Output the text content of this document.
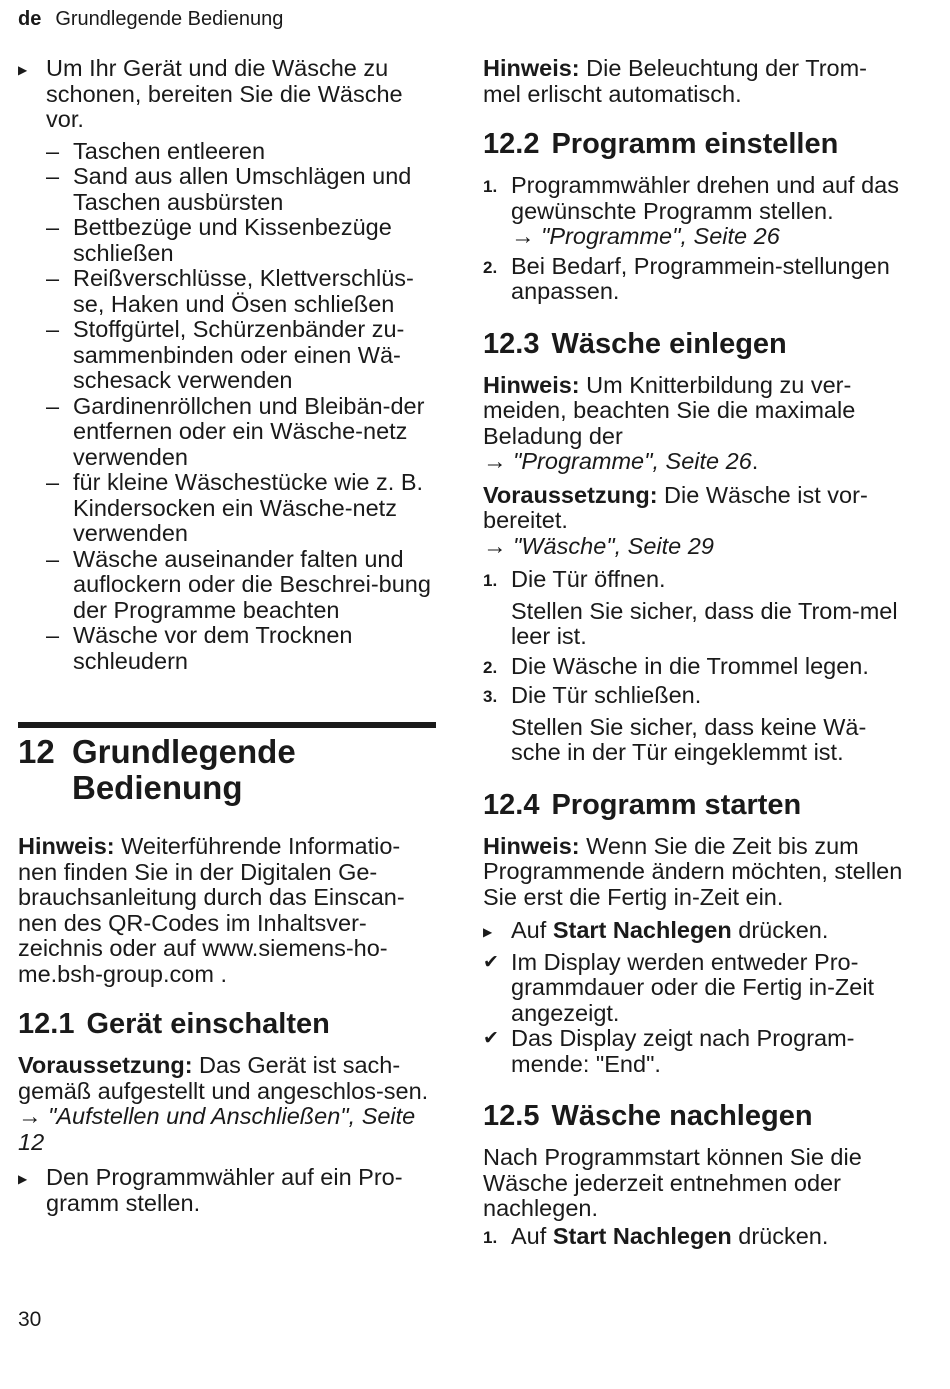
de Grundlegende Bedienung
▶ Um Ihr Gerät und die Wäsche zu schonen, bereiten Sie die Wäsche vor.
– Taschen entleeren
– Sand aus allen Umschlägen und Taschen ausbürsten
– Bettbezüge und Kissenbezüge schließen
– Reißverschlüsse, Klettverschlüs-se, Haken und Ösen schließen
– Stoffgürtel, Schürzenbänder zu-sammenbinden oder einen Wä-schesack verwenden
– Gardinenröllchen und Bleibän-der entfernen oder ein Wäsche-netz verwenden
– für kleine Wäschestücke wie z. B. Kindersocken ein Wäsche-netz verwenden
– Wäsche auseinander falten und auflockern oder die Beschrei-bung der Programme beachten
– Wäsche vor dem Trocknen schleudern
12 Grundlegende Bedienung

Hinweis: Weiterführende Informatio-nen finden Sie in der Digitalen Ge-brauchsanleitung durch das Einscan-nen des QR-Codes im Inhaltsver-zeichnis oder auf www.siemens-ho-me.bsh-group.com .

12.1 Gerät einschalten

Voraussetzung: Das Gerät ist sach-gemäß aufgestellt und angeschlos-sen.

→ "Aufstellen und Anschließen", Seite 12

▶ Den Programmwähler auf ein Pro-gramm stellen.

Hinweis: Die Beleuchtung der Trom-mel erlischt automatisch.

12.2 Programm einstellen
1. Programmwähler drehen und auf das gewünschte Programm stellen.
→ "Programme", Seite 26
2. Bei Bedarf, Programmein-stellungen anpassen.
12.3 Wäsche einlegen

Hinweis: Um Knitterbildung zu ver-meiden, beachten Sie die maximale Beladung der

→ "Programme", Seite 26.

Voraussetzung: Die Wäsche ist vor-bereitet.

→ "Wäsche", Seite 29

1. Die Tür öffnen.
Stellen Sie sicher, dass die Trom-mel leer ist.
2. Die Wäsche in die Trommel legen.
3. Die Tür schließen.
Stellen Sie sicher, dass keine Wä-sche in der Tür eingeklemmt ist.
12.4 Programm starten

Hinweis: Wenn Sie die Zeit bis zum Programmende ändern möchten, stellen Sie erst die Fertig in-Zeit ein.

▶ Auf Start Nachlegen drücken.
✔ Im Display werden entweder Pro-grammdauer oder die Fertig in-Zeit angezeigt.
✔ Das Display zeigt nach Program-mende: "End".
12.5 Wäsche nachlegen

Nach Programmstart können Sie die Wäsche jederzeit entnehmen oder nachlegen.

1. Auf Start Nachlegen drücken.
30
